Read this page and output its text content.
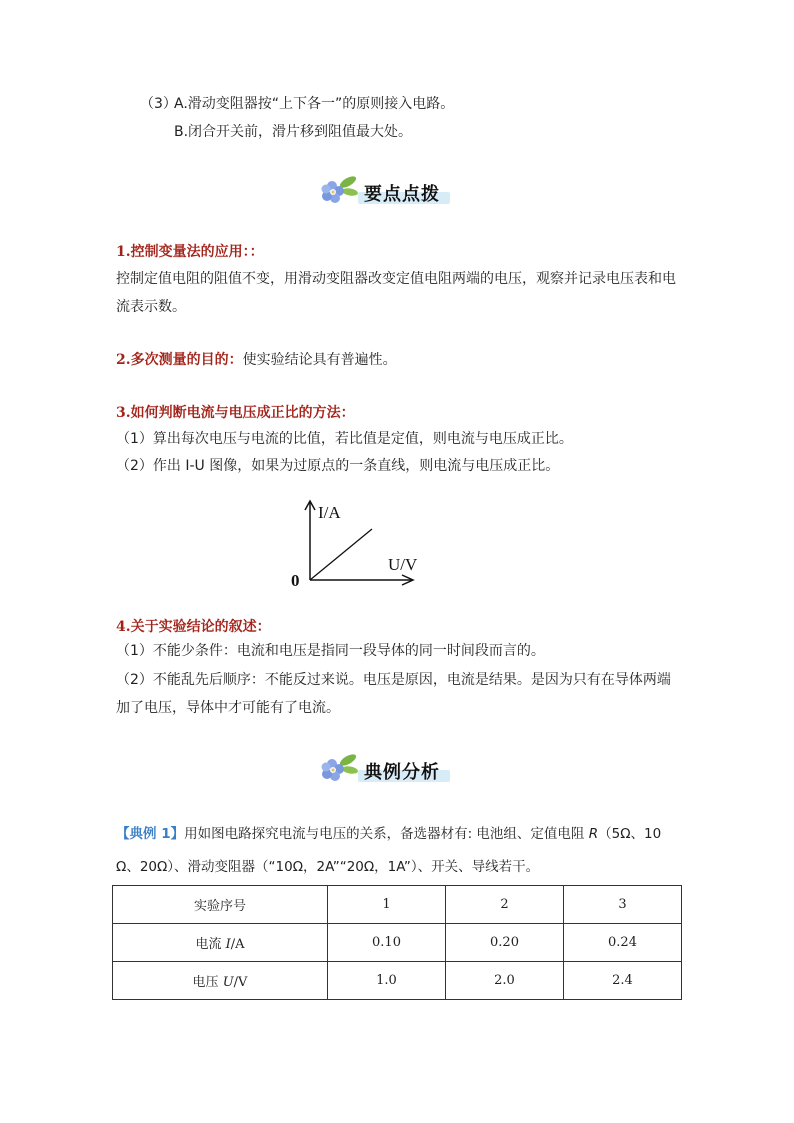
（3）
A.滑动变阻器按“上下各一”的原则接入电路。
B.闭合开关前，滑片移到阻值最大处。
要点点拨
1.控制变量法的应用：：
控制定值电阻的阻值不变，用滑动变阻器改变定值电阻两端的电压，观察并记录电压表和电流表示数。
2.多次测量的目的：使实验结论具有普遍性。
3.如何判断电流与电压成正比的方法：
（1）算出每次电压与电流的比值，若比值是定值，则电流与电压成正比。
（2）作出 I-U 图像，如果为过原点的一条直线，则电流与电压成正比。
I/A
U/V
0
4.关于实验结论的叙述：
（1）不能少条件：电流和电压是指同一段导体的同一时间段而言的。
（2）不能乱先后顺序：不能反过来说。电压是原因，电流是结果。是因为只有在导体两端加了电压，导体中才可能有了电流。
典例分析
【典例 1】用如图电路探究电流与电压的关系，备选器材有: 电池组、定值电阻 R（5Ω、10
Ω、20Ω）、滑动变阻器（“10Ω，2A”“20Ω，1A”）、开关、导线若干。
实验序号	1	2	3
电流 I/A	0.10	0.20	0.24
电压 U/V	1.0	2.0	2.4
